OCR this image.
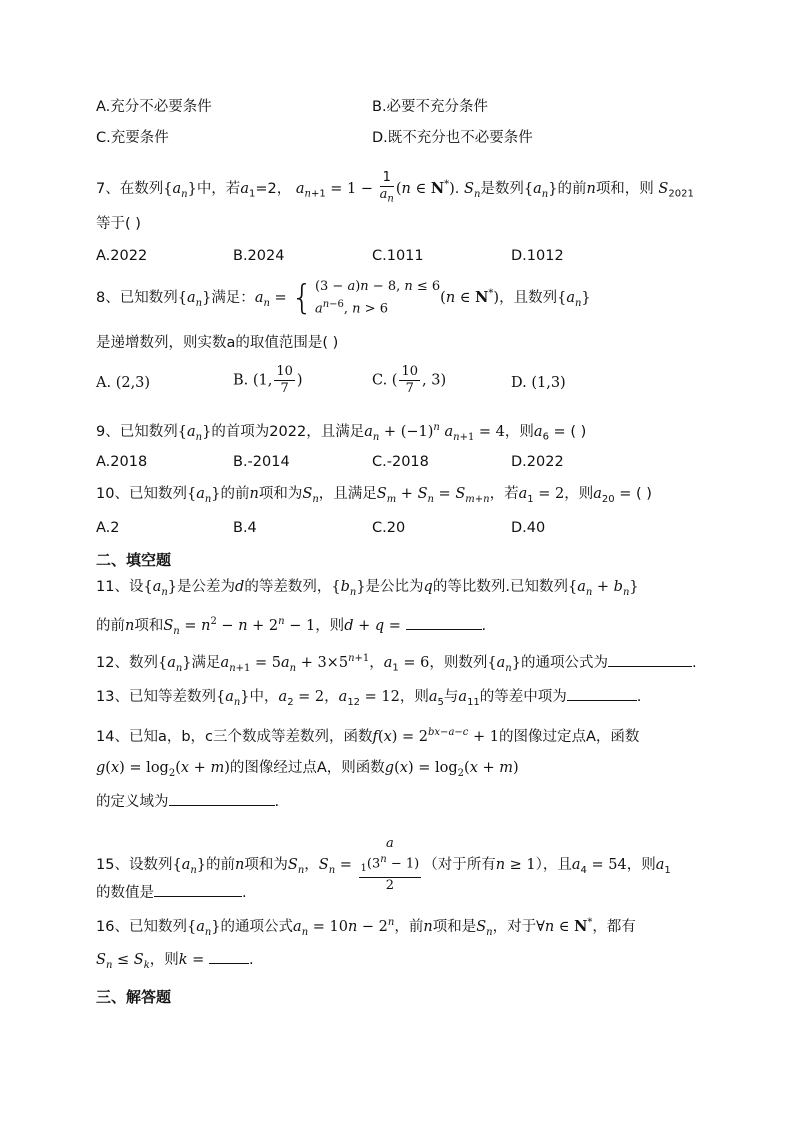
A.充分不必要条件	B.必要不充分条件
C.充要条件	D.既不充分也不必要条件
7、在数列$\{a_n\}$中，若$a_1=2$， $a_{n+1} = 1 - \frac{1}{a_n} (n$ ∈ N*). $S_n$是数列$\{a_n\}$的前n项和，则 $S_{2021}$
等于( )
A.2022	B.2024	C.1011	D.1012
8、已知数列$\{a_n\}$满足：$a_n$ = { (3 − a)n − 8, n ≤ 6
$a^{n-6}$, n > 6(n ∈ N*)，且数列$\{a_n\}$
是递增数列，则实数a的取值范围是( )
A. (2,3)	B. (1, $\frac{10}{7}$ )	C. ( $\frac{10}{7}$ , 3)	D. (1,3)
9、已知数列$\{a_n\}$的首项为2022，且满足$a_n + (-1)^n$ $a_{n+1} = 4$，则$a_6$ = ( )
A.2018	B.-2014	C.-2018	D.2022
10、已知数列$\{a_n\}$的前n项和为$S_n$，且满足$S_m + S_n = S_{m+n}$，若$a_1 = 2$，则$a_{20}$ = ( )
A.2	B.4	C.20	D.40
二、填空题
11、设$\{a_n\}$是公差为d的等差数列，$\{b_n\}$是公比为q的等比数列.已知数列$\{a_n + b_n\}$
的前n项和$S_n = n^2 - n + 2^n - 1$，则d + q =	.
12、数列$\{a_n\}$满足$a_{n+1} = 5a_n + 3\times 5^{n+1}$，$a_1 = 6$，则数列$\{a_n\}$的通项公式为	.
13、已知等差数列$\{a_n\}$中，$a_2 = 2$，$a_{12} = 12$，则$a_5$与$a_{11}$的等差中项为	.
14、已知a，b，c三个数成等差数列，函数$f(x) = 2^{bx-a-c} + 1$的图像过定点A，函数
$g(x) = \log_2(x + m)$的图像经过点A，则函数$g(x) = \log_2(x + m)$
的定义域为	.
15、设数列$\{a_n\}$的前n项和为$S_n$，$S_n = a$
$_1(3^n - 1)$
2 （对于所有n ≥ 1），且$a_4 = 54$，则$a_1$
的数值是	.
16、已知数列$\{a_n\}$的通项公式$a_n = 10n - 2^n$，前n项和是$S_n$，对于∀n ∈ N*，都有
$S_n \le S_k$，则k =	.
三、解答题
